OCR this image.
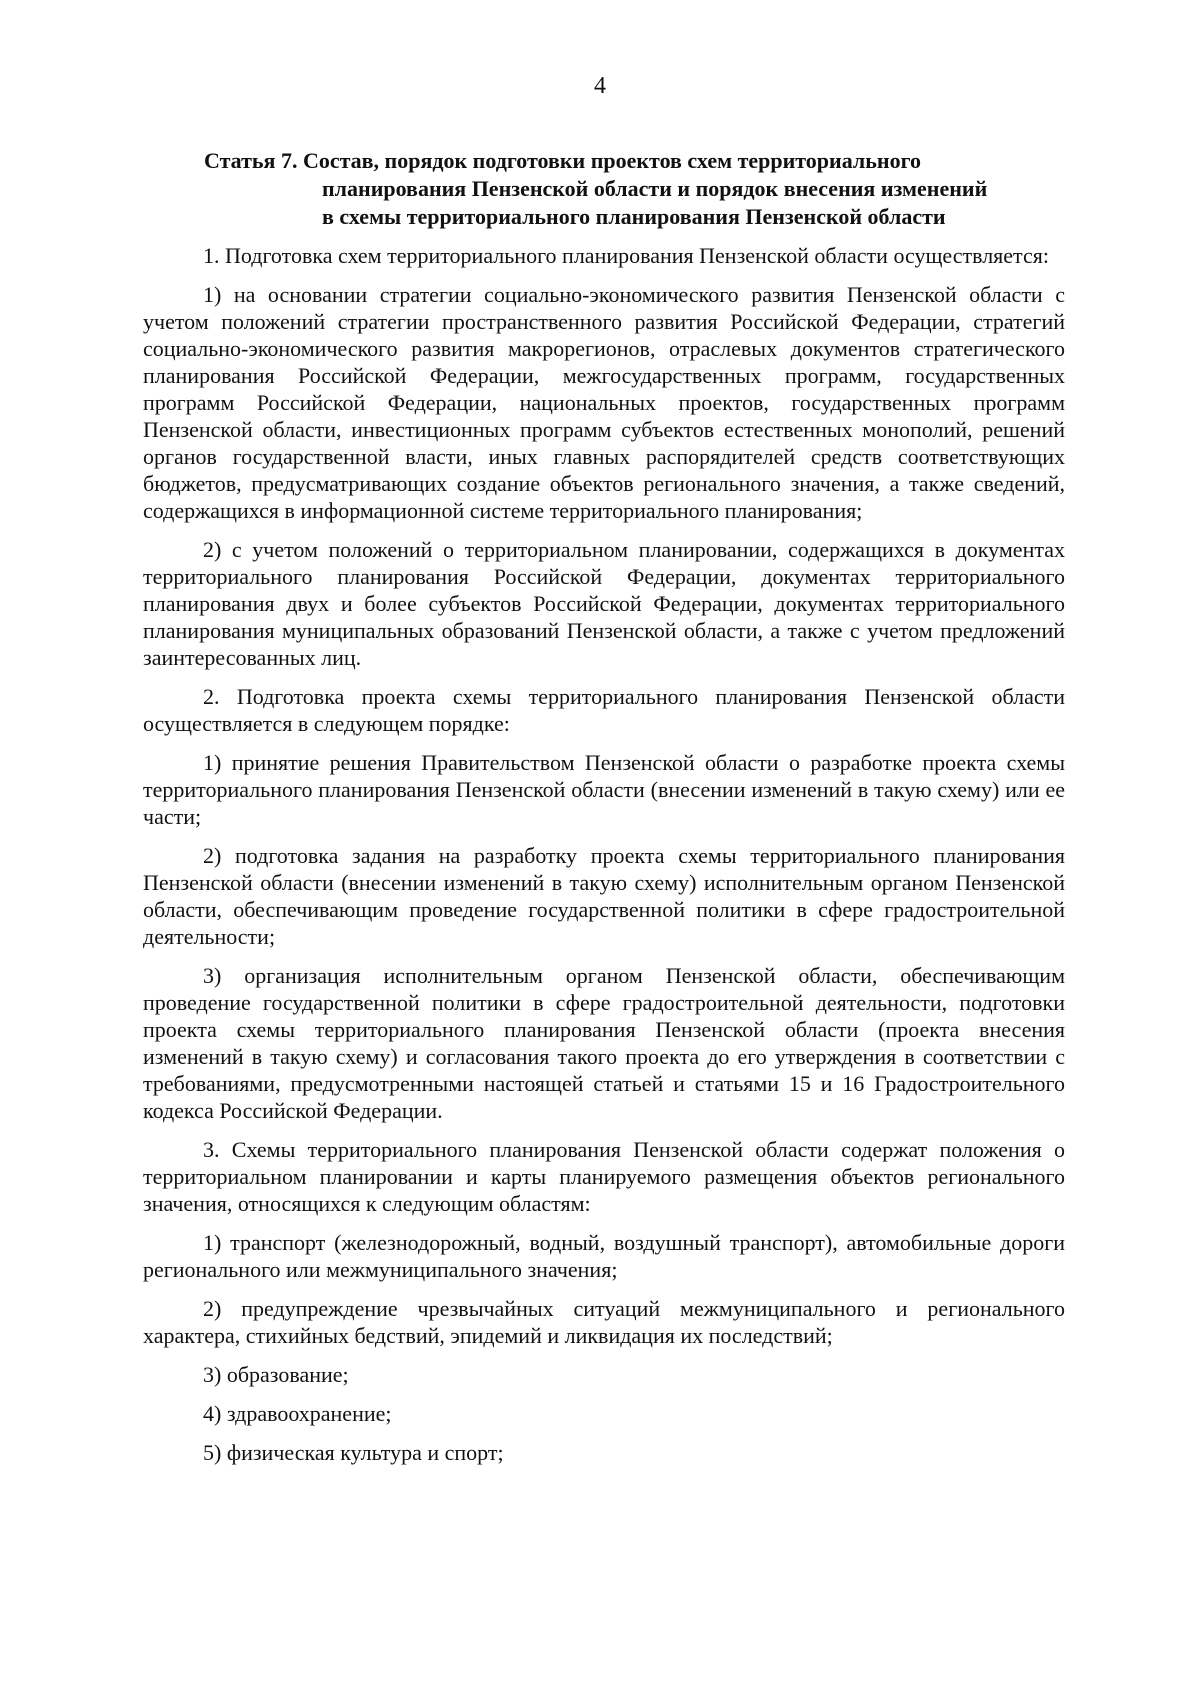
4
Статья 7. Состав, порядок подготовки проектов схем территориального
планирования Пензенской области и порядок внесения изменений
в схемы территориального планирования Пензенской области

1. Подготовка схем территориального планирования Пензенской области осуществляется:

1) на основании стратегии социально-экономического развития Пензенской области с учетом положений стратегии пространственного развития Российской Федерации, стратегий социально-экономического развития макрорегионов, отраслевых документов стратегического планирования Российской Федерации, межгосударственных программ, государственных программ Российской Федерации, национальных проектов, государственных программ Пензенской области, инвестиционных программ субъектов естественных монополий, решений органов государственной власти, иных главных распорядителей средств соответствующих бюджетов, предусматривающих создание объектов регионального значения, а также сведений, содержащихся в информационной системе территориального планирования;

2) с учетом положений о территориальном планировании, содержащихся в документах территориального планирования Российской Федерации, документах территориального планирования двух и более субъектов Российской Федерации, документах территориального планирования муниципальных образований Пензенской области, а также с учетом предложений заинтересованных лиц.

2. Подготовка проекта схемы территориального планирования Пензенской области осуществляется в следующем порядке:

1) принятие решения Правительством Пензенской области о разработке проекта схемы территориального планирования Пензенской области (внесении изменений в такую схему) или ее части;

2) подготовка задания на разработку проекта схемы территориального планирования Пензенской области (внесении изменений в такую схему) исполнительным органом Пензенской области, обеспечивающим проведение государственной политики в сфере градостроительной деятельности;

3) организация исполнительным органом Пензенской области, обеспечивающим проведение государственной политики в сфере градостроительной деятельности, подготовки проекта схемы территориального планирования Пензенской области (проекта внесения изменений в такую схему) и согласования такого проекта до его утверждения в соответствии с требованиями, предусмотренными настоящей статьей и статьями 15 и 16 Градостроительного кодекса Российской Федерации.

3. Схемы территориального планирования Пензенской области содержат положения о территориальном планировании и карты планируемого размещения объектов регионального значения, относящихся к следующим областям:

1) транспорт (железнодорожный, водный, воздушный транспорт), автомобильные дороги регионального или межмуниципального значения;

2) предупреждение чрезвычайных ситуаций межмуниципального и регионального характера, стихийных бедствий, эпидемий и ликвидация их последствий;

3) образование;

4) здравоохранение;

5) физическая культура и спорт;
